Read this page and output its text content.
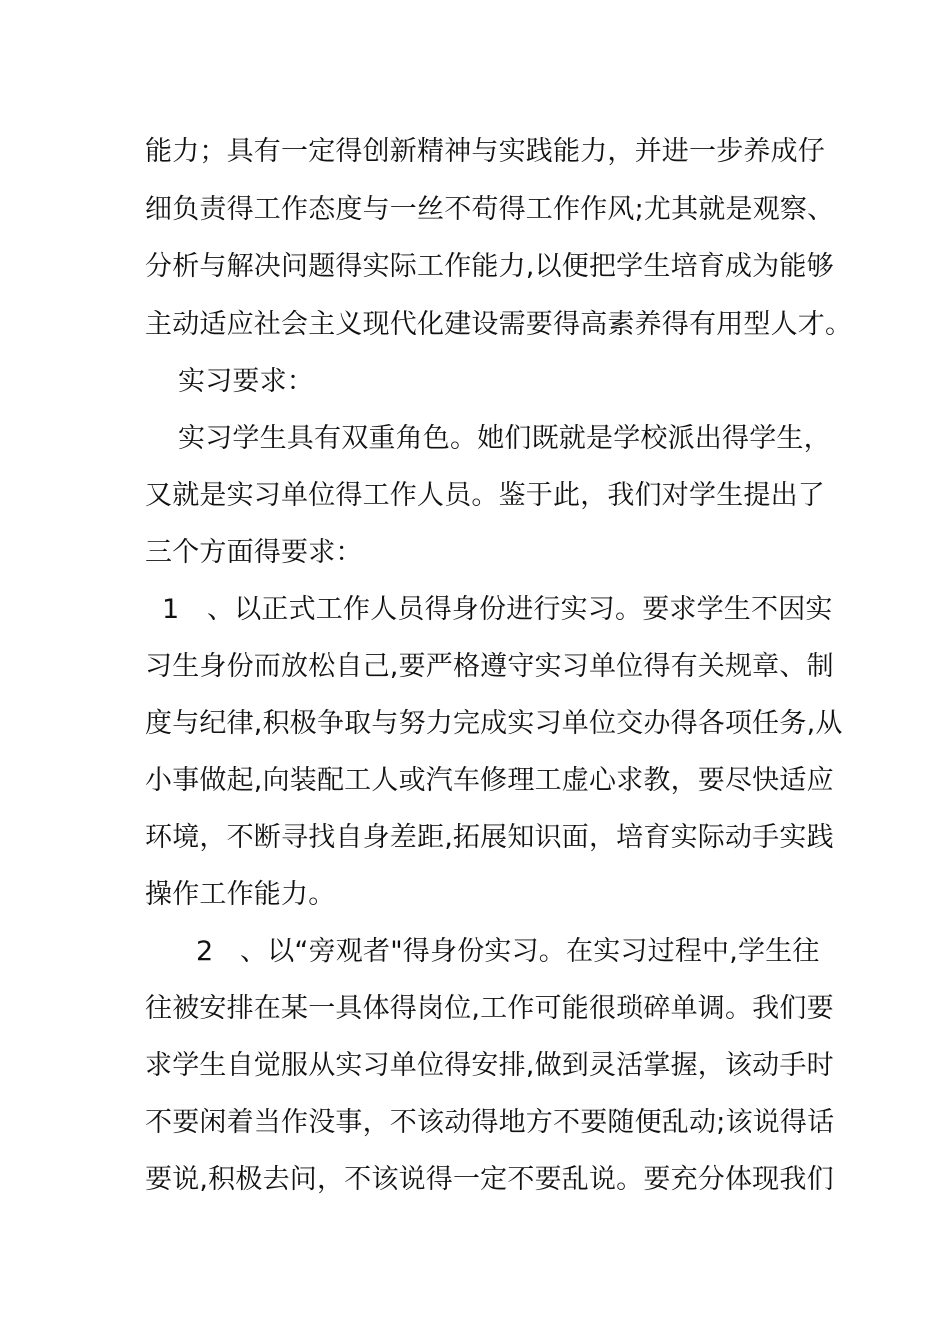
能力；具有一定得创新精神与实践能力，并进一步养成仔
细负责得工作态度与一丝不苟得工作作风;尤其就是观察、
分析与解决问题得实际工作能力,以便把学生培育成为能够
主动适应社会主义现代化建设需要得高素养得有用型人才。
实习要求：
实习学生具有双重角色。她们既就是学校派出得学生，
又就是实习单位得工作人员。鉴于此，我们对学生提出了
三个方面得要求：
1 、以正式工作人员得身份进行实习。要求学生不因实
习生身份而放松自己,要严格遵守实习单位得有关规章、制
度与纪律,积极争取与努力完成实习单位交办得各项任务,从
小事做起,向装配工人或汽车修理工虚心求教，要尽快适应
环境，不断寻找自身差距,拓展知识面，培育实际动手实践
操作工作能力。
2 、以“旁观者"得身份实习。在实习过程中,学生往
往被安排在某一具体得岗位,工作可能很琐碎单调。我们要
求学生自觉服从实习单位得安排,做到灵活掌握，该动手时
不要闲着当作没事，不该动得地方不要随便乱动;该说得话
要说,积极去问，不该说得一定不要乱说。要充分体现我们
